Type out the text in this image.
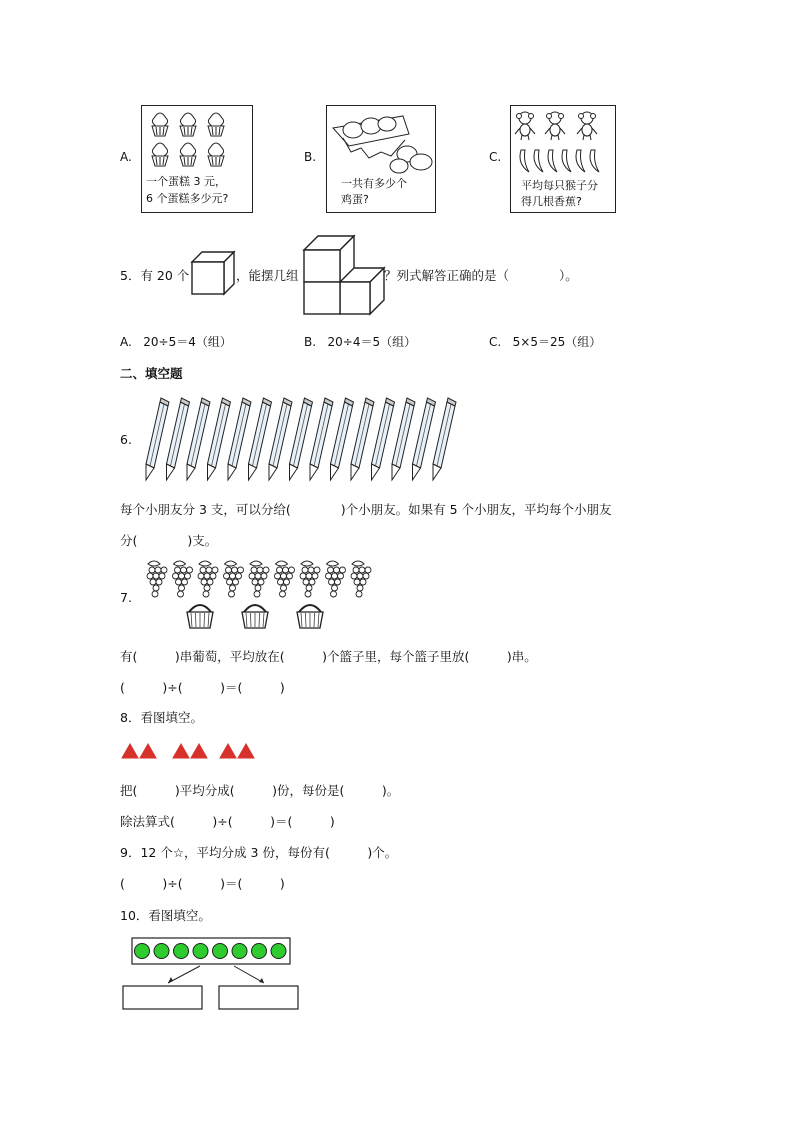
A.
一个蛋糕 3 元，
6 个蛋糕多少元?
B.
一共有多少个
鸡蛋?
C.
平均每只猴子分
得几根香蕉?
5．有 20 个	，能摆几组	？列式解答正确的是（　　　　）。
A. 20÷5＝4（组）	B. 20÷4＝5（组）	C. 5×5＝25（组）
二、填空题
6.
每个小朋友分 3 支，可以分给(　　　　)个小朋友。如果有 5 个小朋友，平均每个小朋友
分(　　　　)支。
7.
有(　　　)串葡萄，平均放在(　　　)个篮子里，每个篮子里放(　　　)串。
(　　　)÷(　　　)＝(　　　)
8．看图填空。
把(　　　)平均分成(　　　)份，每份是(　　　)。
除法算式(　　　)÷(　　　)＝(　　　)
9．12 个☆，平均分成 3 份，每份有(　　　)个。
(　　　)÷(　　　)＝(　　　)
10．看图填空。
